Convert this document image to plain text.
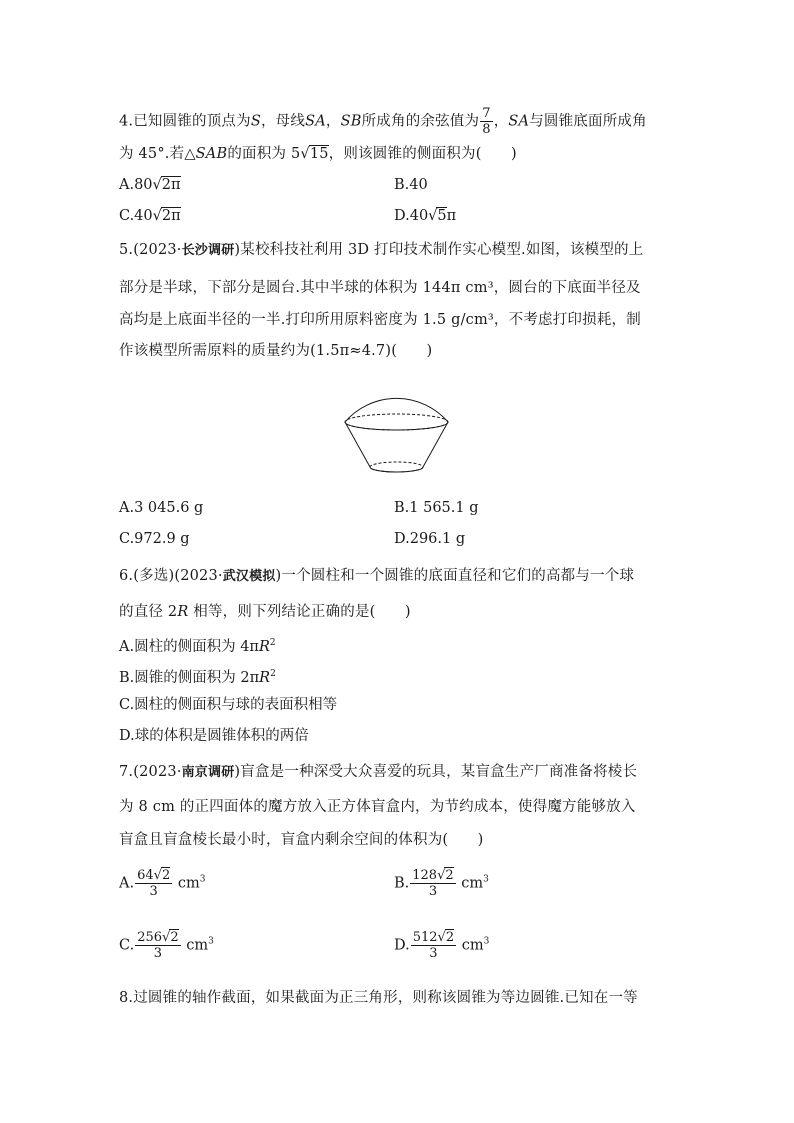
4.已知圆锥的顶点为S，母线SA，SB所成角的余弦值为 $\frac{7}{8}$ ，SA与圆锥底面所成角
为 45°.若△SAB的面积为 5√15，则该圆锥的侧面积为(　　)
A.80√2π	B.40
C.40√2π	D.40√5π
5.(2023·长沙调研)某校科技社利用 3D 打印技术制作实心模型.如图，该模型的上
部分是半球，下部分是圆台.其中半球的体积为 144π cm³，圆台的下底面半径及
高均是上底面半径的一半.打印所用原料密度为 1.5 g/cm³，不考虑打印损耗，制
作该模型所需原料的质量约为(1.5π≈4.7)(　　)
A.3 045.6 g	B.1 565.1 g
C.972.9 g	D.296.1 g
6.(多选)(2023·武汉模拟)一个圆柱和一个圆锥的底面直径和它们的高都与一个球
的直径 2R 相等，则下列结论正确的是(　　)
A.圆柱的侧面积为 $4\pi R^2$
B.圆锥的侧面积为 $2\pi R^2$
C.圆柱的侧面积与球的表面积相等
D.球的体积是圆锥体积的两倍
7.(2023·南京调研)盲盒是一种深受大众喜爱的玩具，某盲盒生产厂商准备将棱长
为 8 cm 的正四面体的魔方放入正方体盲盒内，为节约成本，使得魔方能够放入
盲盒且盲盒棱长最小时，盲盒内剩余空间的体积为(　　)
A. $\frac{64√2}{3} cm^3$	B. $\frac{128√2}{3} cm^3$
C. $\frac{256√2}{3} cm^3$	D. $\frac{512√2}{3} cm^3$
8.过圆锥的轴作截面，如果截面为正三角形，则称该圆锥为等边圆锥.已知在一等
